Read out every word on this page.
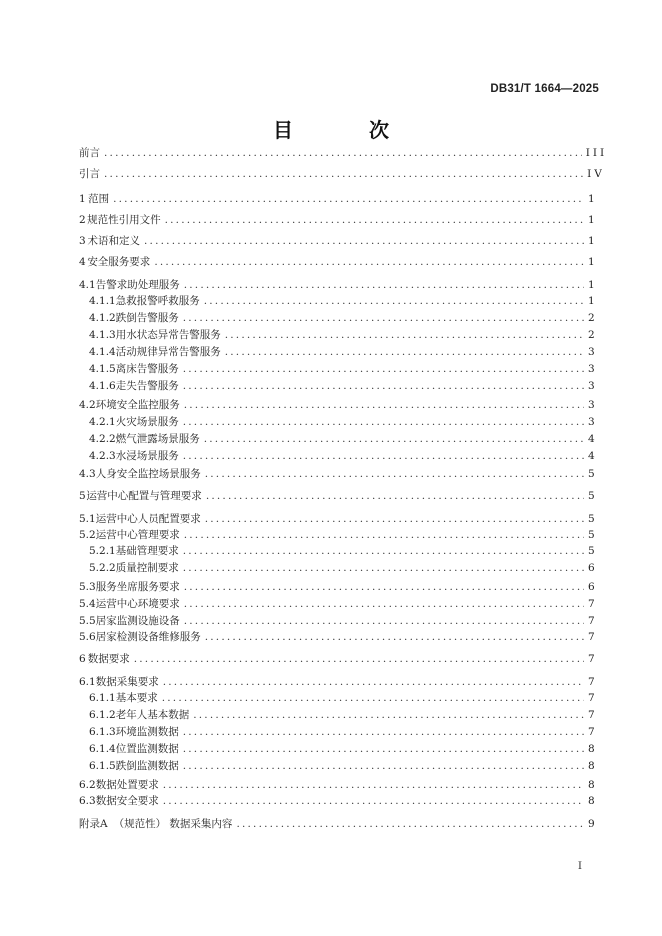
DB31/T 1664—2025
目　次
前言 .....	III
引言 .....	IV
1 范围 .....	1
2 规范性引用文件 .....	1
3 术语和定义 .....	1
4 安全服务要求 .....	1
4.1 告警求助处理服务 .....	1
4.1.1 急救报警呼救服务 .....	1
4.1.2 跌倒告警服务 .....	2
4.1.3 用水状态异常告警服务 .....	2
4.1.4 活动规律异常告警服务 .....	3
4.1.5 离床告警服务 .....	3
4.1.6 走失告警服务 .....	3
4.2 环境安全监控服务 .....	3
4.2.1 火灾场景服务 .....	3
4.2.2 燃气泄露场景服务 .....	4
4.2.3 水浸场景服务 .....	4
4.3 人身安全监控场景服务 .....	5
5 运营中心配置与管理要求 .....	5
5.1 运营中心人员配置要求 .....	5
5.2 运营中心管理要求 .....	5
5.2.1 基础管理要求 .....	5
5.2.2 质量控制要求 .....	6
5.3 服务坐席服务要求 .....	6
5.4 运营中心环境要求 .....	7
5.5 居家监测设施设备 .....	7
5.6 居家检测设备维修服务 .....	7
6 数据要求 .....	7
6.1 数据采集要求 .....	7
6.1.1 基本要求 .....	7
6.1.2 老年人基本数据 .....	7
6.1.3 环境监测数据 .....	7
6.1.4 位置监测数据 .....	8
6.1.5 跌倒监测数据 .....	8
6.2 数据处置要求 .....	8
6.3 数据安全要求 .....	8
附录A （规范性） 数据采集内容 .....	9
I
